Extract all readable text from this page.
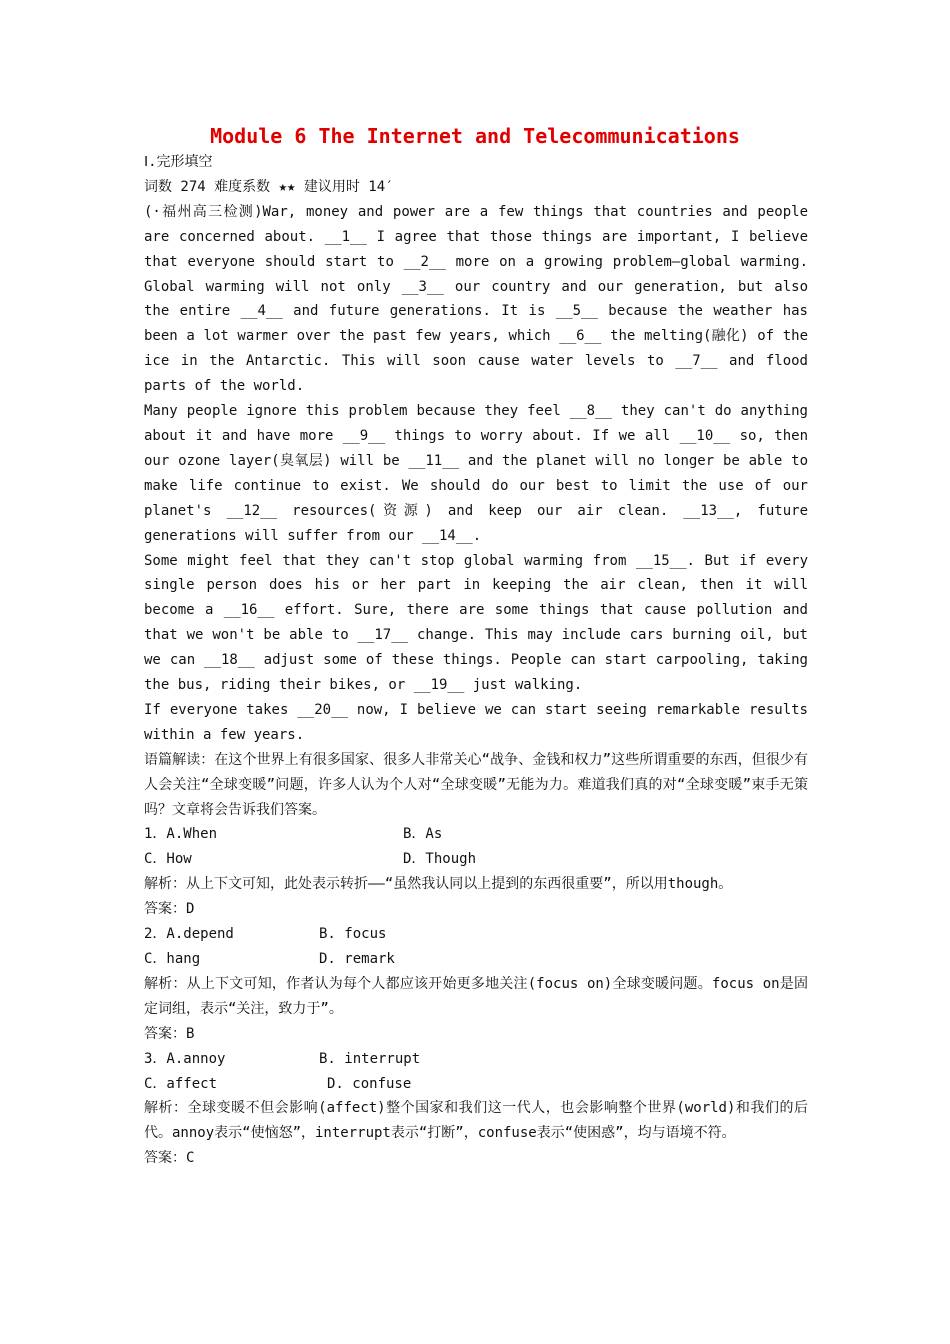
Module 6 The Internet and Telecommunications

Ⅰ.完形填空

词数 274 难度系数 ★★ 建议用时 14′

(·福州高三检测)War, money and power are a few things that countries and people are concerned about. __1__ I agree that those things are important, I believe that everyone should start to __2__ more on a growing problem—global warming. Global warming will not only __3__ our country and our generation, but also the entire __4__ and future generations. It is __5__ because the weather has been a lot warmer over the past few years, which __6__ the melting(融化) of the ice in the Antarctic. This will soon cause water levels to __7__ and flood parts of the world.

Many people ignore this problem because they feel __8__ they can't do anything about it and have more __9__ things to worry about. If we all __10__ so, then our ozone layer(臭氧层) will be __11__ and the planet will no longer be able to make life continue to exist. We should do our best to limit the use of our planet's __12__ resources(资源) and keep our air clean. __13__, future generations will suffer from our __14__.

Some might feel that they can't stop global warming from __15__. But if every single person does his or her part in keeping the air clean, then it will become a __16__ effort. Sure, there are some things that cause pollution and that we won't be able to __17__ change. This may include cars burning oil, but we can __18__ adjust some of these things. People can start carpooling, taking the bus, riding their bikes, or __19__ just walking.

If everyone takes __20__ now, I believe we can start seeing remarkable results within a few years.

语篇解读：在这个世界上有很多国家、很多人非常关心“战争、金钱和权力”这些所谓重要的东西，但很少有人会关注“全球变暖”问题，许多人认为个人对“全球变暖”无能为力。难道我们真的对“全球变暖”束手无策吗？文章将会告诉我们答案。

1．A.When	B．As

C．How	D．Though

解析：从上下文可知，此处表示转折——“虽然我认同以上提到的东西很重要”，所以用though。

答案：D

2．A.depend	B. focus

C．hang	D. remark

解析：从上下文可知，作者认为每个人都应该开始更多地关注(focus on)全球变暖问题。focus on是固定词组，表示“关注，致力于”。

答案：B

3．A.annoy	B. interrupt

C．affect	D. confuse

解析：全球变暖不但会影响(affect)整个国家和我们这一代人，也会影响整个世界(world)和我们的后代。annoy表示“使恼怒”，interrupt表示“打断”，confuse表示“使困惑”，均与语境不符。

答案：C
